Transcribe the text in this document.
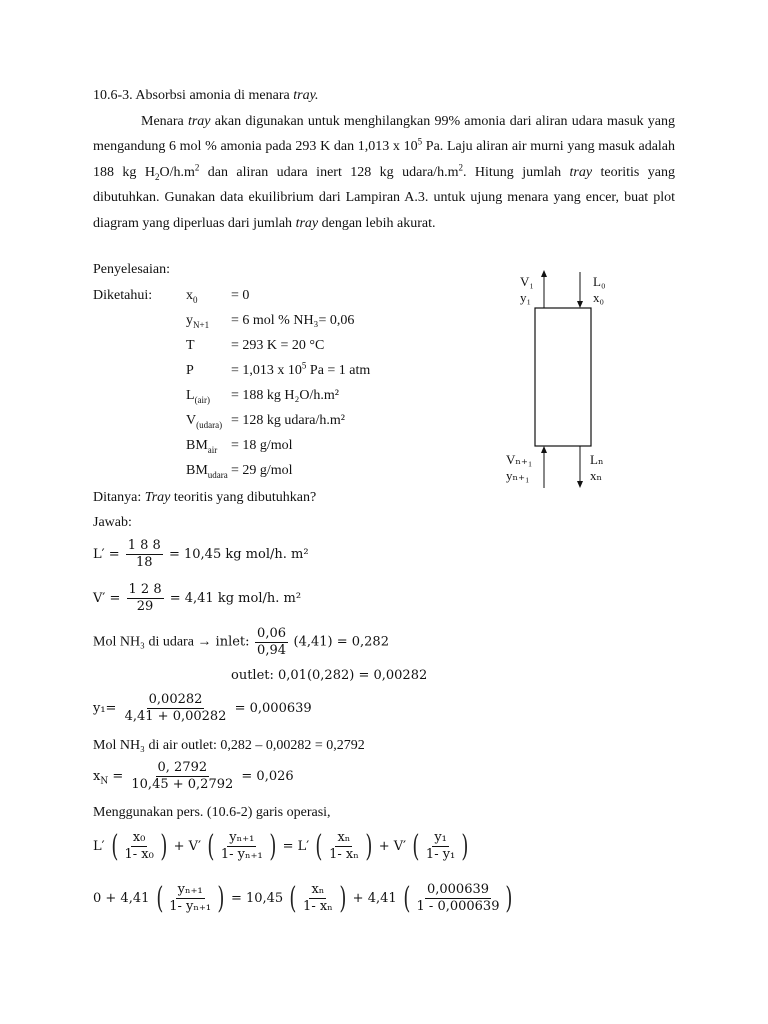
10.6-3. Absorbsi amonia di menara tray.

Menara tray akan digunakan untuk menghilangkan 99% amonia dari aliran udara masuk yang mengandung 6 mol % amonia pada 293 K dan 1,013 x $10^5$ Pa. Laju aliran air murni yang masuk adalah 188 kg $H_2O/h.m^2$ dan aliran udara inert 128 kg udara/$h.m^2$. Hitung jumlah tray teoritis yang dibutuhkan. Gunakan data ekuilibrium dari Lampiran A.3. untuk ujung menara yang encer, buat plot diagram yang diperluas dari jumlah tray dengan lebih akurat.

Penyelesaian:
Diketahui: $x_0 = 0$
$y_{N+1} = 6$ mol % NH₃= 0,06
T	= 293 K = 20 °C
P	= 1,013 x $10^5$ Pa = 1 atm
$L_{(air)} = 188$ kg H₂O/h.m²
$V_{(udara)} = 128$ kg udara/h.m²
$BM_{air} = 18$ g/mol
$BM_{udara} = 29$ g/mol
V₁
y₁
L₀
x₀
Vₙ₊₁
yₙ₊₁
Lₙ
xₙ
Ditanya: Tray teoritis yang dibutuhkan?
Jawab:
$L' = \frac{1 8 8}{18} = 10,45$ kg mol/h. m²
$V' = \frac{1 2 8}{29} = 4,41$ kg mol/h. m²
Mol NH₃ di udara → inlet: $\frac{0,06}{0,94} (4,41) = 0,282$
outlet: 0,01(0,282) = 0,00282
$y_1= \frac{0,00282}{4,41 + 0,00282} = 0,000639$
Mol NH₃ di air outlet: 0,282 – 0,00282 = 0,2792
$x_N = \frac{0, 2792}{10,45 + 0,2792} = 0,026$
Menggunakan pers. (10.6-2) garis operasi,
L′ ( $\frac{\text{x₀}}{\text{1- x₀}}$ ) + V′ ( $\frac{\text{yₙ₊₁}}{\text{1- yₙ₊₁}}$ ) = L′ ( $\frac{\text{xₙ}}{\text{1- xₙ}}$ ) + V′ ( $\frac{\text{y₁}}{\text{1- y₁}}$ )
0 + 4,41 ( $\frac{\text{yₙ₊₁}}{\text{1- yₙ₊₁}}$ ) = 10,45 ( $\frac{\text{xₙ}}{\text{1- xₙ}}$ ) + 4,41 ( $\frac{0,000639}{1 - 0,000639}$ )
